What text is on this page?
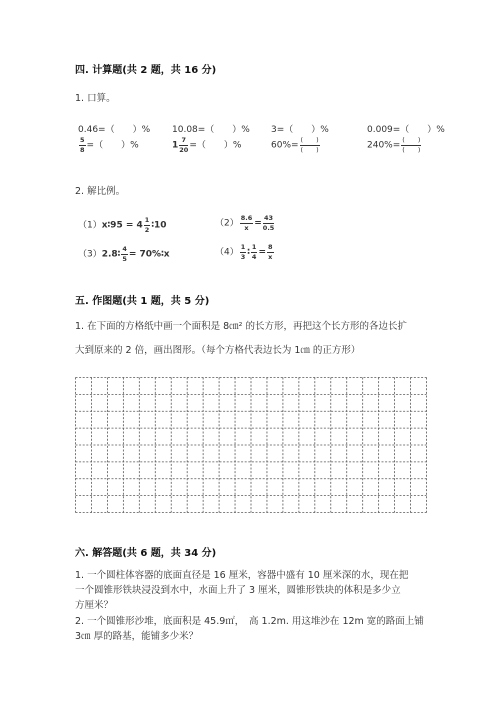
四. 计算题(共 2 题，共 16 分)
1. 口算。
0.46=（　　）% 10.08=（　　）% 3=（　　）%	0.009=（　　）%
$\frac{5}{8}$ =（　　）%	$1 \frac{7}{20}$ =（　　）%	$60\%= \frac{( )}{( )}$	$240\%= \frac{( )}{( )}$
2. 解比例。
（1）x∶95 = $4 \frac{1}{2}$ ∶10	$(2) \frac{8.6}{x} = \frac{43}{0.5}$
（3）2.8∶ $\frac{4}{5}$ = 70%∶x	$(4) \frac{1}{3}$ ∶ $\frac{1}{4} = \frac{8}{x}$
五. 作图题(共 1 题，共 5 分)
1. 在下面的方格纸中画一个面积是 8㎝² 的长方形，再把这个长方形的各边长扩
大到原来的 2 倍，画出图形。（每个方格代表边长为 1㎝ 的正方形）
六. 解答题(共 6 题，共 34 分)
1. 一个圆柱体容器的底面直径是 16 厘米，容器中盛有 10 厘米深的水，现在把
一个圆锥形铁块浸没到水中，水面上升了 3 厘米，圆锥形铁块的体积是多少立
方厘米？
2. 一个圆锥形沙堆，底面积是 45.9㎡，　高 1.2m. 用这堆沙在 12m 宽的路面上铺
3㎝ 厚的路基，能铺多少米？
